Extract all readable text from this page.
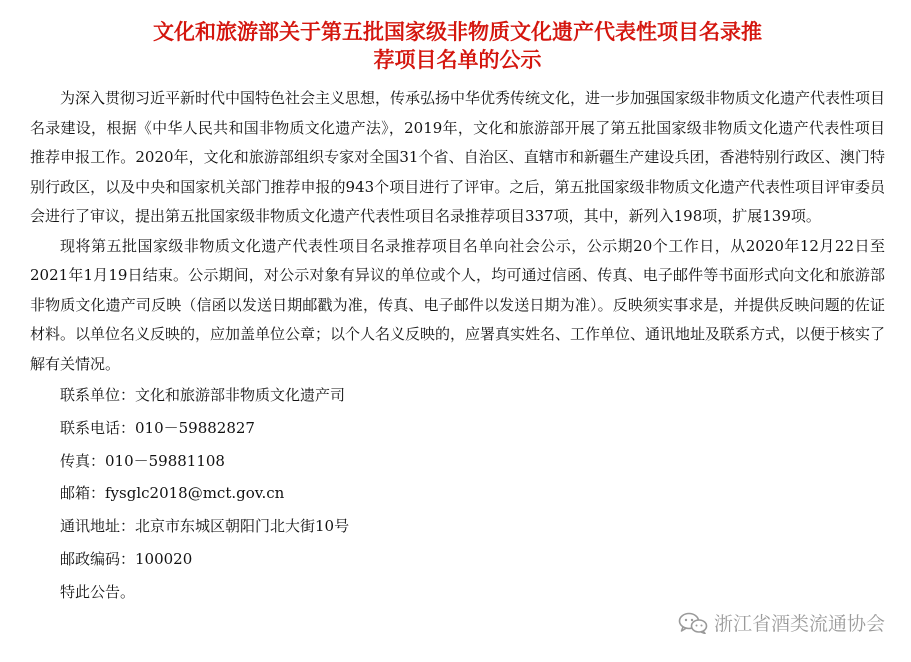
文化和旅游部关于第五批国家级非物质文化遗产代表性项目名录推
荐项目名单的公示

为深入贯彻习近平新时代中国特色社会主义思想，传承弘扬中华优秀传统文化，进一步加强国家级非物质文化遗产代表性项目名录建设，根据《中华人民共和国非物质文化遗产法》，2019年，文化和旅游部开展了第五批国家级非物质文化遗产代表性项目推荐申报工作。2020年，文化和旅游部组织专家对全国31个省、自治区、直辖市和新疆生产建设兵团，香港特别行政区、澳门特别行政区，以及中央和国家机关部门推荐申报的943个项目进行了评审。之后，第五批国家级非物质文化遗产代表性项目评审委员会进行了审议，提出第五批国家级非物质文化遗产代表性项目名录推荐项目337项，其中，新列入198项，扩展139项。

现将第五批国家级非物质文化遗产代表性项目名录推荐项目名单向社会公示，公示期20个工作日，从2020年12月22日至2021年1月19日结束。公示期间，对公示对象有异议的单位或个人，均可通过信函、传真、电子邮件等书面形式向文化和旅游部非物质文化遗产司反映（信函以发送日期邮戳为准，传真、电子邮件以发送日期为准）。反映须实事求是，并提供反映问题的佐证材料。以单位名义反映的，应加盖单位公章；以个人名义反映的，应署真实姓名、工作单位、通讯地址及联系方式，以便于核实了解有关情况。

联系单位：文化和旅游部非物质文化遗产司

联系电话：010－59882827

传真：010－59881108

邮箱：fysglc2018@mct.gov.cn

通讯地址：北京市东城区朝阳门北大街10号

邮政编码：100020

特此公告。

浙江省酒类流通协会
